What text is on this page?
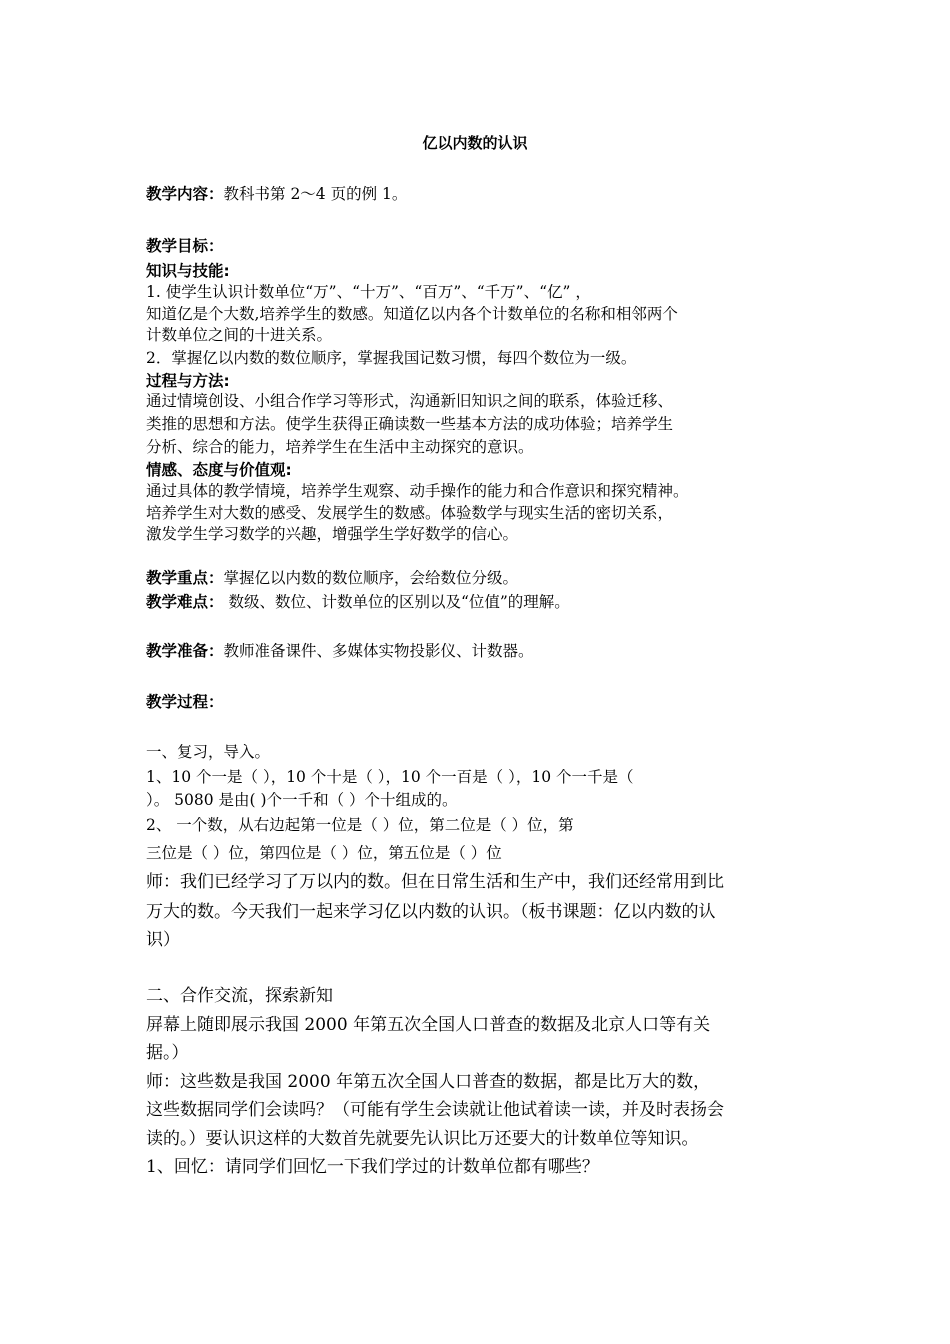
亿以内数的认识
教学内容：教科书第 2～4 页的例 1。
教学目标：
知识与技能:
1. 使学生认识计数单位“万”、“十万”、“百万”、“千万”、“亿” ，
知道亿是个大数,培养学生的数感。知道亿以内各个计数单位的名称和相邻两个
计数单位之间的十进关系。
2．掌握亿以内数的数位顺序，掌握我国记数习惯，每四个数位为一级。
过程与方法:
通过情境创设、小组合作学习等形式，沟通新旧知识之间的联系，体验迁移、
类推的思想和方法。使学生获得正确读数一些基本方法的成功体验；培养学生
分析、综合的能力，培养学生在生活中主动探究的意识。
情感、态度与价值观:
通过具体的教学情境，培养学生观察、动手操作的能力和合作意识和探究精神。
培养学生对大数的感受、发展学生的数感。体验数学与现实生活的密切关系，
激发学生学习数学的兴趣，增强学生学好数学的信心。
教学重点：掌握亿以内数的数位顺序，会给数位分级。
教学难点： 数级、数位、计数单位的区别以及“位值”的理解。
教学准备：教师准备课件、多媒体实物投影仪、计数器。
教学过程：
一、复习，导入。
1、10 个一是（ ），10 个十是（ ），10 个一百是（ ），10 个一千是（
）。 5080 是由( )个一千和（ ）个十组成的。
2、 一个数，从右边起第一位是（ ）位，第二位是（ ）位，第
三位是（ ）位，第四位是（ ）位，第五位是（ ）位
师：我们已经学习了万以内的数。但在日常生活和生产中，我们还经常用到比
万大的数。今天我们一起来学习亿以内数的认识。（板书课题：亿以内数的认
识）
二、合作交流，探索新知
屏幕上随即展示我国 2000 年第五次全国人口普查的数据及北京人口等有关
据。）
师：这些数是我国 2000 年第五次全国人口普查的数据，都是比万大的数，
这些数据同学们会读吗？（可能有学生会读就让他试着读一读，并及时表扬会
读的。）要认识这样的大数首先就要先认识比万还要大的计数单位等知识。
1、回忆：请同学们回忆一下我们学过的计数单位都有哪些？
